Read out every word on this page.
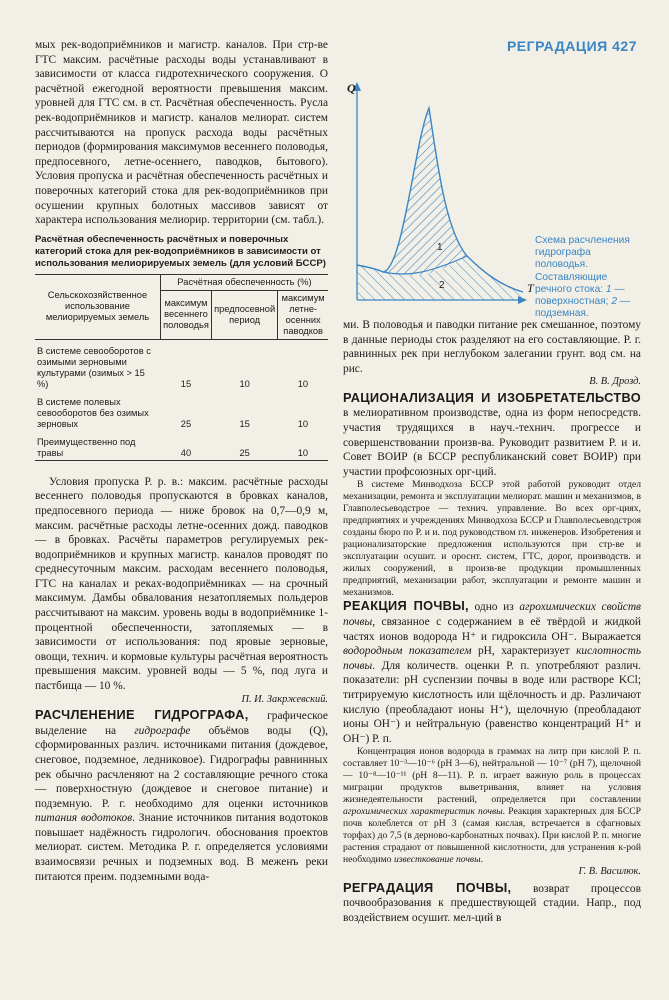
РЕГРАДАЦИЯ 427

мых рек-водоприёмников и магистр. каналов. При стр-ве ГТС максим. расчётные расходы воды устанавливают в зависимости от класса гидротехнического сооружения. О расчётной ежегодной вероятности превышения максим. уровней для ГТС см. в ст. Расчётная обеспеченность. Русла рек-водоприёмников и магистр. каналов мелиорат. систем рассчитываются на пропуск расхода воды расчётных периодов (формирования максимумов весеннего половодья, предпосевного, летне-осеннего, паводков, бытового). Условия пропуска и расчётная обеспеченность расчётных и поверочных категорий стока для рек-водоприёмников при осушении крупных болотных массивов зависят от характера использования мелиорир. территории (см. табл.).

Расчётная обеспеченность расчётных и поверочных категорий стока для рек-водоприёмников в зависимости от использования мелиорируемых земель (для условий БССР)
Сельскохозяйственное использование мелиорируемых земель	Расчётная обеспеченность (%)		
	максимум весеннего половодья	предпосевной период	максимум летне-осенних паводков
В системе севооборотов с озимыми зерновыми культурами (озимых > 15 %)	15	10	10
В системе полевых севооборотов без озимых зерновых	25	15	10
Преимущественно под травы	40	25	10

Условия пропуска Р. р. в.: максим. расчётные расходы весеннего половодья пропускаются в бровках каналов, предпосевного периода — ниже бровок на 0,7—0,9 м, максим. расчётные расходы летне-осенних дожд. паводков — в бровках. Расчёты параметров регулируемых рек-водоприёмников и крупных магистр. каналов проводят по среднесуточным максим. расходам весеннего половодья, ГТС на каналах и реках-водоприёмниках — на срочный максимум. Дамбы обвалования незатопляемых польдеров рассчитывают на максим. уровень воды в водоприёмнике 1-процентной обеспеченности, затопляемых — в зависимости от использования: под яровые зерновые, овощи, технич. и кормовые культуры расчётная вероятность превышения максим. уровней воды — 5 %, под луга и пастбища — 10 %.

П. И. Закржевский.

РАСЧЛЕНЕНИЕ ГИДРОГРАФА, графическое выделение на гидрографе объёмов воды (Q), сформированных различ. источниками питания (дождевое, снеговое, подземное, ледниковое). Гидрографы равнинных рек обычно расчленяют на 2 составляющие речного стока — поверхностную (дождевое и снеговое питание) и подземную. Р. г. необходимо для оценки источников питания водотоков. Знание источников питания водотоков повышает надёжность гидрологич. обоснования проектов мелиорат. систем. Методика Р. г. определяется условиями взаимосвязи речных и подземных вод. В меженъ реки питаются преим. подземными вода-

Q
T
1
2
Схема расчленения гидрографа половодья. Составляющие речного стока: 1 — поверхностная; 2 — подземная.

ми. В половодья и паводки питание рек смешанное, поэтому в данные периоды сток разделяют на его составляющие. Р. г. равнинных рек при неглубоком залегании грунт. вод см. на рис.

В. В. Дрозд.

РАЦИОНАЛИЗАЦИЯ И ИЗОБРЕТАТЕЛЬСТВО в мелиоративном производстве, одна из форм непосредств. участия трудящихся в науч.-технич. прогрессе и совершенствовании произв-ва. Руководит развитием Р. и и. Совет ВОИР (в БССР республиканский совет ВОИР) при участии профсоюзных орг-ций.

В системе Минводхоза БССР этой работой руководит отдел механизации, ремонта и эксплуатации мелиорат. машин и механизмов, в Главполесьеводстрое — технич. управление. Во всех орг-циях, предприятиях и учреждениях Минводхоза БССР и Главполесьеводстроя созданы бюро по Р. и и. под руководством гл. инженеров. Изобретения и рационализаторские предложения используются при стр-ве и эксплуатации осушит. и ороснт. систем, ГТС, дорог, производств. и жилых сооружений, в произв-ве продукции промышленных предприятий, механизации работ, эксплуатации и ремонте машин и механизмов.

РЕАКЦИЯ ПОЧВЫ, одно из агрохимических свойств почвы, связанное с содержанием в её твёрдой и жидкой частях ионов водорода H⁺ и гидроксила OH⁻. Выражается водородным показателем pH, характеризует кислотность почвы. Для количеств. оценки Р. п. употребляют различ. показатели: pH суспензии почвы в воде или растворе KCl; титрируемую кислотность или щёлочность и др. Различают кислую (преобладают ионы H⁺), щелочную (преобладают ионы OH⁻) и нейтральную (равенство концентраций H⁺ и OH⁻) Р. п.

Концентрация ионов водорода в граммах на литр при кислой Р. п. составляет 10⁻³—10⁻⁶ (pH 3—6), нейтральной — 10⁻⁷ (pH 7), щелочной — 10⁻⁸—10⁻¹¹ (pH 8—11). Р. п. играет важную роль в процессах миграции продуктов выветривания, влияет на условия жизнедеятельности растений, определяется при составлении агрохимических характеристик почвы. Реакция характерных для БССР почв колеблется от pH 3 (самая кислая, встречается в сфагновых торфах) до 7,5 (в дерново-карбонатных почвах). При кислой Р. п. многие растения страдают от повышенной кислотности, для устранения к-рой необходимо известкование почвы.

Г. В. Василюк.

РЕГРАДАЦИЯ ПОЧВЫ, возврат процессов почвообразования к предшествующей стадии. Напр., под воздействием осушит. мел-ций в
